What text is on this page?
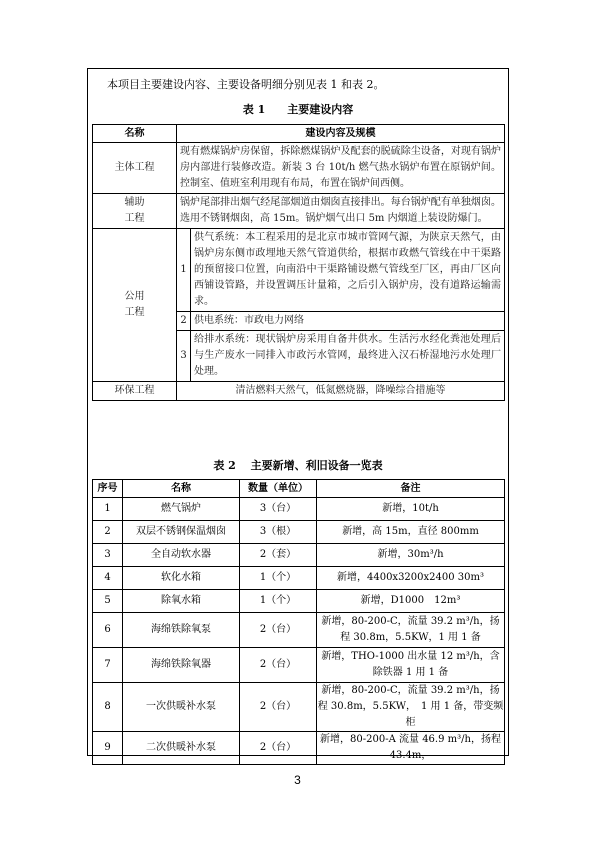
本项目主要建设内容、主要设备明细分别见表 1 和表 2。
表 1　　主要建设内容
名称	建设内容及规模	
主体工程	现有燃煤锅炉房保留，拆除燃煤锅炉及配套的脱硫除尘设备，对现有锅炉房内部进行装修改造。新装 3 台 10t/h 燃气热水锅炉布置在原锅炉间。控制室、值班室利用现有布局，布置在锅炉间西侧。	
辅助
工程	锅炉尾部排出烟气经尾部烟道由烟囱直接排出。每台锅炉配有单独烟囱。选用不锈钢烟囱，高 15m。锅炉烟气出口 5m 内烟道上装设防爆门。	
公用
工程	1	供气系统：本工程采用的是北京市城市管网气源，为陕京天然气，由锅炉房东侧市政埋地天然气管道供给，根据市政燃气管线在中干渠路的预留接口位置，向南沿中干渠路铺设燃气管线至厂区，再由厂区向西铺设管路，并设置调压计量箱，之后引入锅炉房，没有道路运输需求。
	2	供电系统：市政电力网络
	3	给排水系统：现状锅炉房采用自备井供水。生活污水经化粪池处理后与生产废水一同排入市政污水管网，最终进入汉石桥湿地污水处理厂处理。
环保工程	清洁燃料天然气，低氮燃烧器，降噪综合措施等	
表 2　 主要新增、利旧设备一览表
序号	名称	数量（单位）	备注
1	燃气锅炉	3（台）	新增，10t/h
2	双层不锈钢保温烟囱	3（根）	新增，高 15m，直径 800mm
3	全自动软水器	2（套）	新增，30m³/h
4	软化水箱	1（个）	新增，4400x3200x2400 30m³
5	除氧水箱	1（个）	新增，D1000　12m³
6	海绵铁除氧泵	2（台）	新增，80-200-C，流量 39.2 m³/h，扬程 30.8m，5.5KW，1 用 1 备
7	海绵铁除氧器	2（台）	新增，THO-1000 出水量 12 m³/h，含除铁器 1 用 1 备
8	一次供暖补水泵	2（台）	新增，80-200-C，流量 39.2 m³/h，扬程 30.8m，5.5KW，　1 用 1 备，带变频柜
9	二次供暖补水泵	2（台）	新增，80-200-A 流量 46.9 m³/h，扬程 43.4m，
3
